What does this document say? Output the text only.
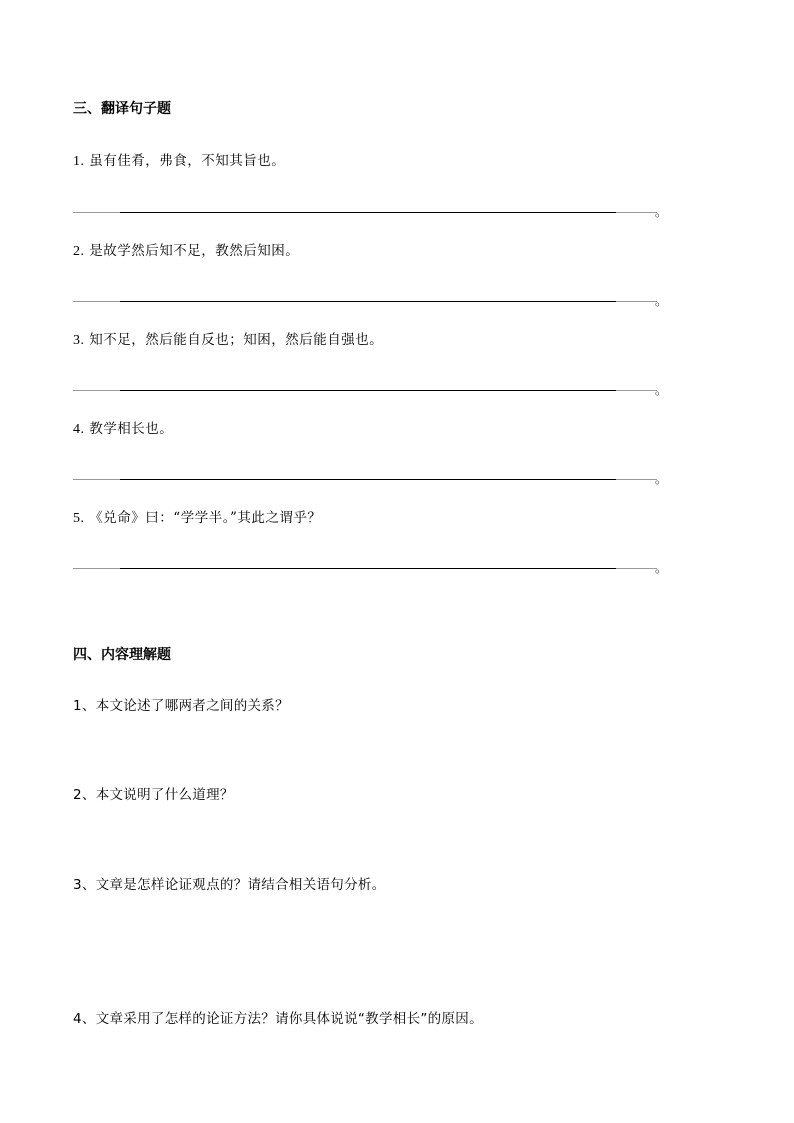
三、翻译句子题
1. 虽有佳肴，弗食，不知其旨也。
。
2. 是故学然后知不足，教然后知困。
。
3. 知不足，然后能自反也；知困，然后能自强也。
。
4. 教学相长也。
。
5. 《兑命》曰：“学学半。”其此之谓乎？
。
四、内容理解题
1、本文论述了哪两者之间的关系？
2、本文说明了什么道理？
3、文章是怎样论证观点的？请结合相关语句分析。
4、文章采用了怎样的论证方法？请你具体说说“教学相长”的原因。
